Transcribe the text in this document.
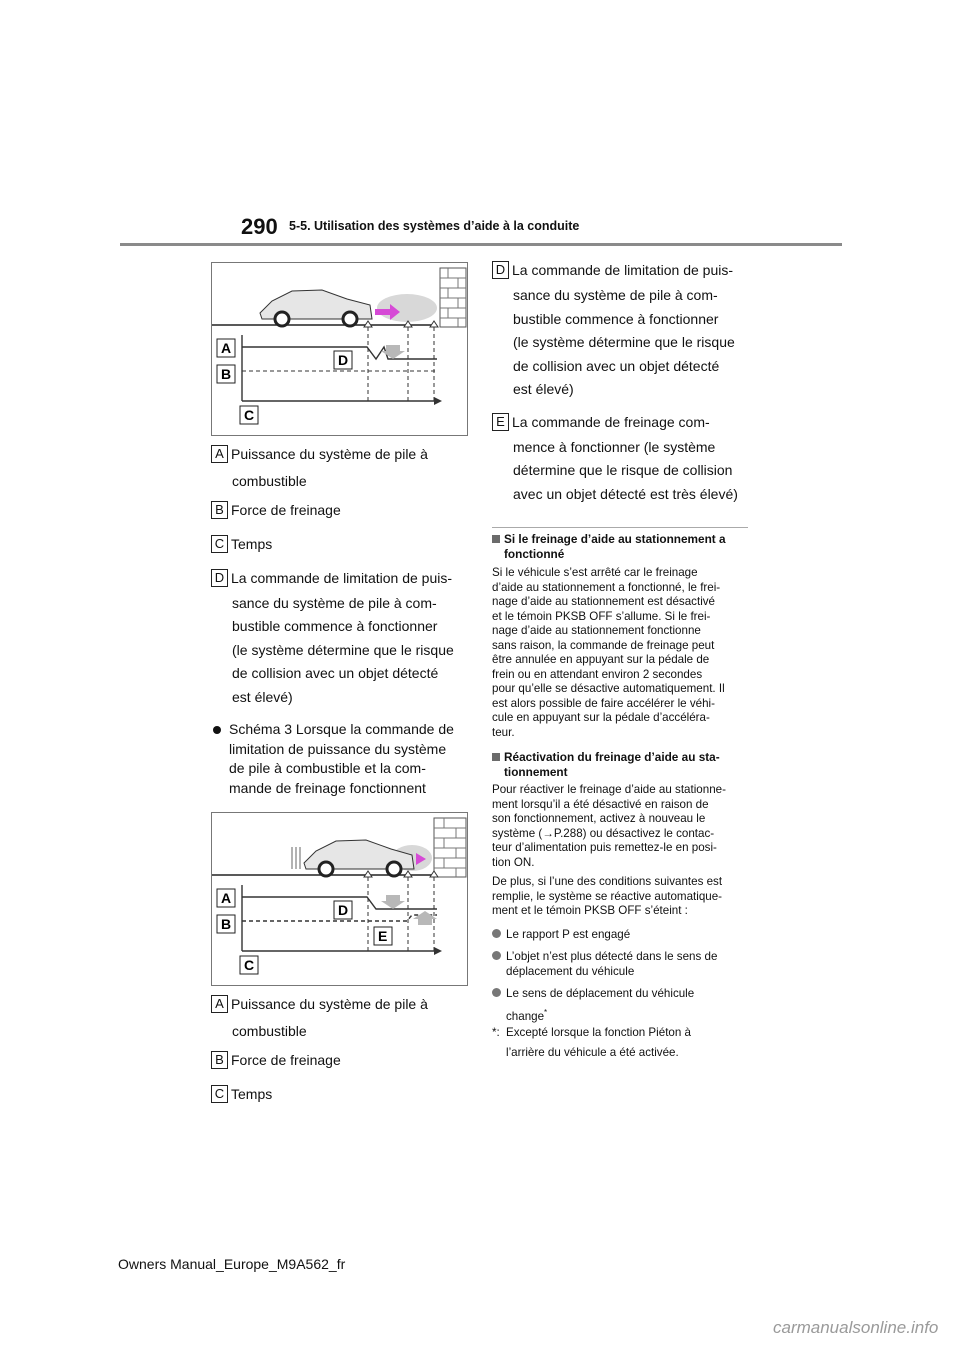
290 5-5. Utilisation des systèmes d’aide à la conduite
A
B
C
D
A Puissance du système de pile à
combustible
B Force de freinage
C Temps
D La commande de limitation de puis-
sance du système de pile à com-
bustible commence à fonctionner
(le système détermine que le risque
de collision avec un objet détecté
est élevé)
Schéma 3 Lorsque la commande de
limitation de puissance du système
de pile à combustible et la com-
mande de freinage fonctionnent
A
B
C
D
E
A Puissance du système de pile à
combustible
B Force de freinage
C Temps
D La commande de limitation de puis-
sance du système de pile à com-
bustible commence à fonctionner
(le système détermine que le risque
de collision avec un objet détecté
est élevé)
E La commande de freinage com-
mence à fonctionner (le système
détermine que le risque de collision
avec un objet détecté est très élevé)
Si le freinage d’aide au stationnement a
fonctionné
Si le véhicule s’est arrêté car le freinage
d’aide au stationnement a fonctionné, le frei-
nage d’aide au stationnement est désactivé
et le témoin PKSB OFF s’allume. Si le frei-
nage d’aide au stationnement fonctionne
sans raison, la commande de freinage peut
être annulée en appuyant sur la pédale de
frein ou en attendant environ 2 secondes
pour qu’elle se désactive automatiquement. Il
est alors possible de faire accélérer le véhi-
cule en appuyant sur la pédale d’accéléra-
teur.
Réactivation du freinage d’aide au sta-
tionnement
Pour réactiver le freinage d’aide au stationne-
ment lorsqu’il a été désactivé en raison de
son fonctionnement, activez à nouveau le
système (→P.288) ou désactivez le contac-
teur d’alimentation puis remettez-le en posi-
tion ON.
De plus, si l’une des conditions suivantes est
remplie, le système se réactive automatique-
ment et le témoin PKSB OFF s’éteint :
Le rapport P est engagé
L’objet n’est plus détecté dans le sens de
déplacement du véhicule
Le sens de déplacement du véhicule
change*
*: Excepté lorsque la fonction Piéton à
l’arrière du véhicule a été activée.
Owners Manual_Europe_M9A562_fr
carmanualsonline.info
